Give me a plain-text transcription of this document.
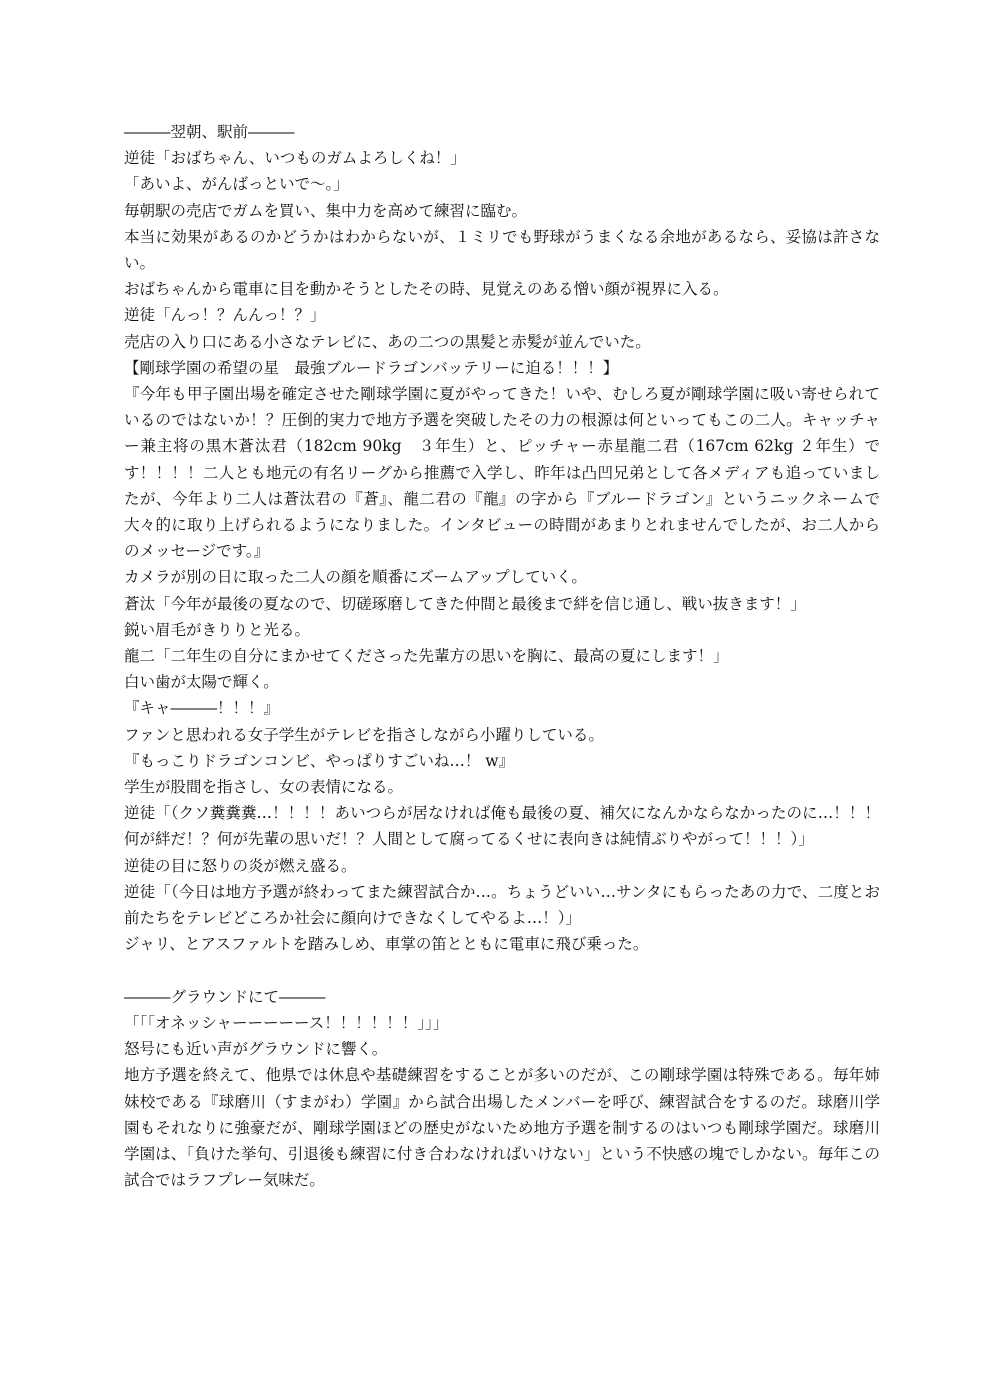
―――翌朝、駅前―――

逆徒「おばちゃん、いつものガムよろしくね！」

「あいよ、がんばっといで〜。」

毎朝駅の売店でガムを買い、集中力を高めて練習に臨む。

本当に効果があるのかどうかはわからないが、１ミリでも野球がうまくなる余地があるなら、妥協は許さない。

おばちゃんから電車に目を動かそうとしたその時、見覚えのある憎い顔が視界に入る。

逆徒「んっ！？んんっ！？」

売店の入り口にある小さなテレビに、あの二つの黒髪と赤髪が並んでいた。

【剛球学園の希望の星　最強ブルードラゴンバッテリーに迫る！！！】

『今年も甲子園出場を確定させた剛球学園に夏がやってきた！いや、むしろ夏が剛球学園に吸い寄せられているのではないか！？圧倒的実力で地方予選を突破したその力の根源は何といってもこの二人。キャッチャー兼主将の黒木蒼汰君（182cm 90kg　３年生）と、ピッチャー赤星龍二君（167cm 62kg ２年生）です！！！！二人とも地元の有名リーグから推薦で入学し、昨年は凸凹兄弟として各メディアも追っていましたが、今年より二人は蒼汰君の『蒼』、龍二君の『龍』の字から『ブルードラゴン』というニックネームで大々的に取り上げられるようになりました。インタビューの時間があまりとれませんでしたが、お二人からのメッセージです。』

カメラが別の日に取った二人の顔を順番にズームアップしていく。

蒼汰「今年が最後の夏なので、切磋琢磨してきた仲間と最後まで絆を信じ通し、戦い抜きます！」

鋭い眉毛がきりりと光る。

龍二「二年生の自分にまかせてくださった先輩方の思いを胸に、最高の夏にします！」

白い歯が太陽で輝く。

『キャ―――！！！』

ファンと思われる女子学生がテレビを指さしながら小躍りしている。

『もっこりドラゴンコンビ、やっぱりすごいね…！ w』

学生が股間を指さし、女の表情になる。

逆徒「（クソ糞糞糞…！！！！あいつらが居なければ俺も最後の夏、補欠になんかならなかったのに…！！！何が絆だ！？何が先輩の思いだ！？人間として腐ってるくせに表向きは純情ぶりやがって！！！）」

逆徒の目に怒りの炎が燃え盛る。

逆徒「（今日は地方予選が終わってまた練習試合か…。ちょうどいい…サンタにもらったあの力で、二度とお前たちをテレビどころか社会に顔向けできなくしてやるよ…！）」

ジャリ、とアスファルトを踏みしめ、車掌の笛とともに電車に飛び乗った。

―――グラウンドにて―――

「「「オネッシャーーーーース！！！！！！」」」

怒号にも近い声がグラウンドに響く。

地方予選を終えて、他県では休息や基礎練習をすることが多いのだが、この剛球学園は特殊である。毎年姉妹校である『球磨川（すまがわ）学園』から試合出場したメンバーを呼び、練習試合をするのだ。球磨川学園もそれなりに強豪だが、剛球学園ほどの歴史がないため地方予選を制するのはいつも剛球学園だ。球磨川学園は、「負けた挙句、引退後も練習に付き合わなければいけない」という不快感の塊でしかない。毎年この試合ではラフプレー気味だ。
